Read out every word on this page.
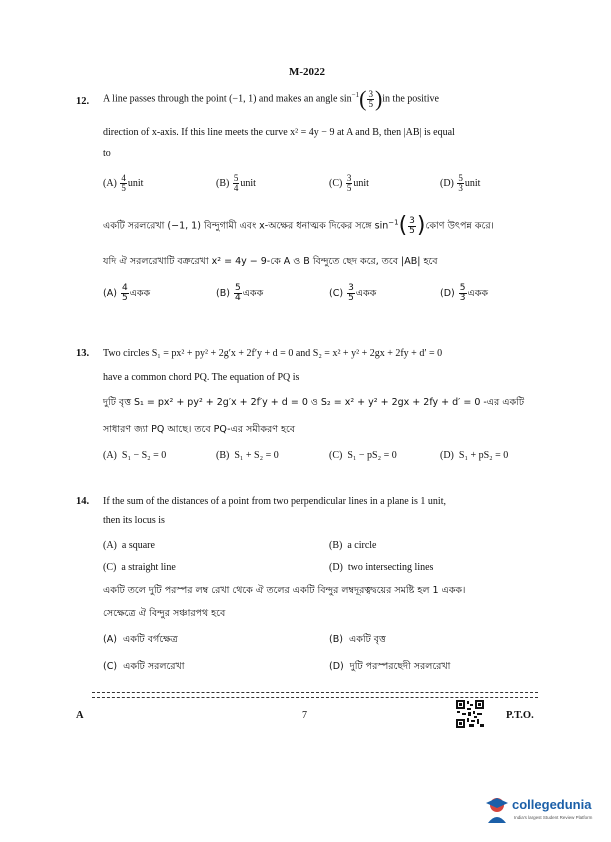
M-2022
12. A line passes through the point (−1, 1) and makes an angle $\sin^{-1}( \frac{3}{5} )in$ the positive
direction of x-axis. If this line meets the curve x² = 4y − 9 at A and B, then |AB| is equal
to
$(A) \frac{4}{5}$ unit	$(B) \frac{5}{4}$ unit	$(C) \frac{3}{5}$ unit	$(D) \frac{5}{3}$ unit
একটি সরলরেখা (−1, 1) বিন্দুগামী এবং x-অক্ষের ধনাত্মক দিকের সঙ্গে $\sin^{-1}( \frac{3}{5}$ )কোণ উৎপন্ন করে।
যদি ঐ সরলরেখাটি বক্ররেখা x² = 4y − 9-কে A ও B বিন্দুতে ছেদ করে, তবে |AB| হবে
$(A) \frac{4}{5}$ একক	$(B) \frac{5}{4}$ একক	$(C) \frac{3}{5}$ একক	$(D) \frac{5}{3}$ একক
13. Two circles S₁ = px² + py² + 2g′x + 2f′y + d = 0 and S₂ = x² + y² + 2gx + 2fy + d′ = 0
have a common chord PQ. The equation of PQ is
দুটি বৃত্ত S₁ = px² + py² + 2g′x + 2f′y + d = 0 ও S₂ = x² + y² + 2gx + 2fy + d′ = 0 -এর একটি
সাধারণ জ্যা PQ আছে। তবে PQ-এর সমীকরণ হবে
(A) S₁ − S₂ = 0	(B) S₁ + S₂ = 0	(C) S₁ − pS₂ = 0	(D) S₁ + pS₂ = 0
14. If the sum of the distances of a point from two perpendicular lines in a plane is 1 unit,
then its locus is
(A) a square	(B) a circle
(C) a straight line	(D) two intersecting lines
একটি তলে দুটি পরস্পর লম্ব রেখা থেকে ঐ তলের একটি বিন্দুর লম্বদূরত্বদ্বয়ের সমষ্টি হল 1 একক।
সেক্ষেত্রে ঐ বিন্দুর সঞ্চারপথ হবে
(A) একটি বর্গক্ষেত্র	(B) একটি বৃত্ত
(C) একটি সরলরেখা	(D) দুটি পরস্পরছেদী সরলরেখা
A	7	P.T.O.
collegedunia
India's largest Student Review Platform
